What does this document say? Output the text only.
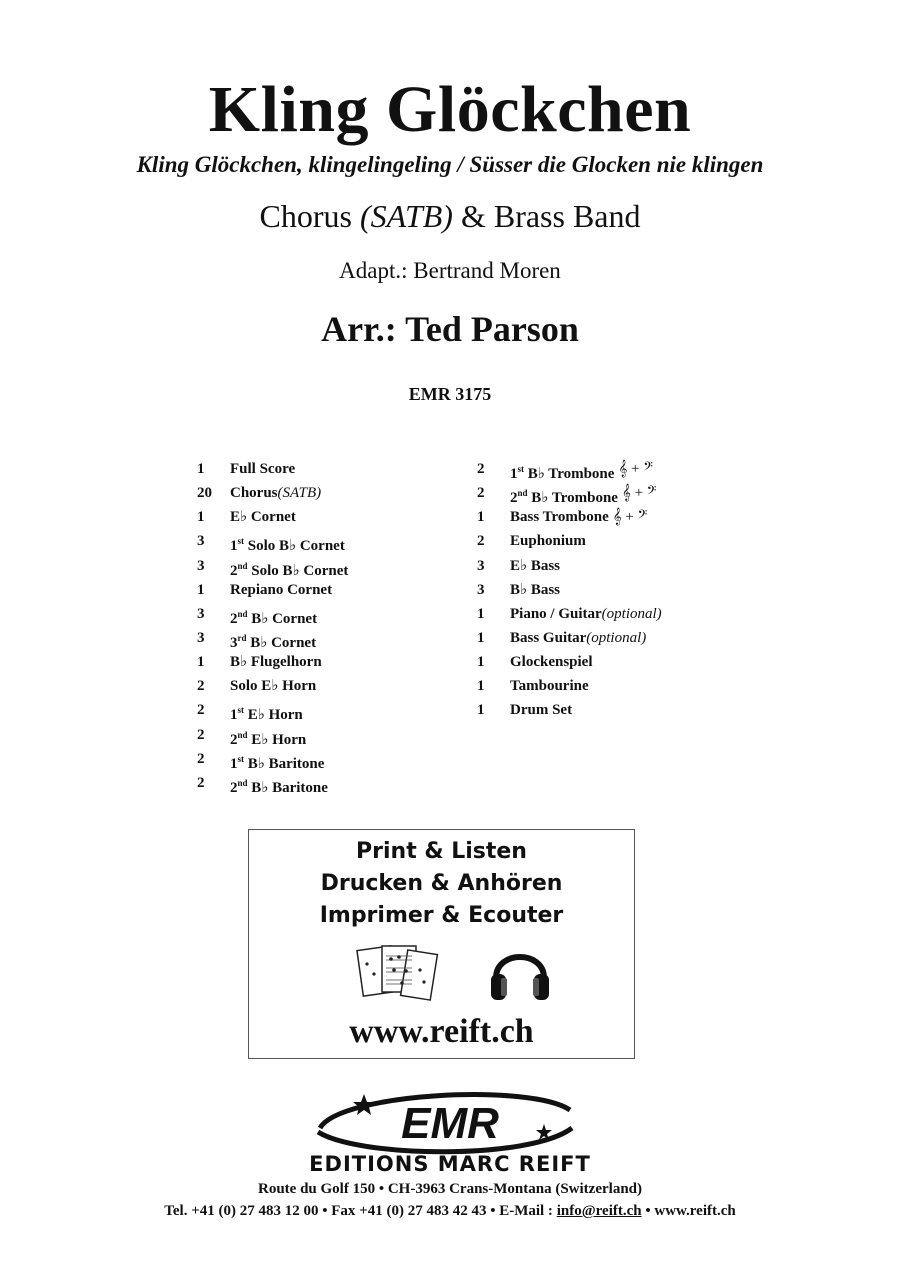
Kling Glöckchen
Kling Glöckchen, klingelingeling / Süsser die Glocken nie klingen
Chorus (SATB) & Brass Band
Adapt.: Bertrand Moren
Arr.: Ted Parson
EMR 3175
1	Full Score
20	Chorus (SATB)
1	E♭ Cornet
3	1st Solo B♭ Cornet
3	2nd Solo B♭ Cornet
1	Repiano Cornet
3	2nd B♭ Cornet
3	3rd B♭ Cornet
1	B♭ Flugelhorn
2	Solo E♭ Horn
2	1st E♭ Horn
2	2nd E♭ Horn
2	1st B♭ Baritone
2	2nd B♭ Baritone
2	1st B♭ Trombone 𝄞 + 𝄢
2	2nd B♭ Trombone 𝄞 + 𝄢
1	Bass Trombone 𝄞 + 𝄢
2	Euphonium
3	E♭ Bass
3	B♭ Bass
1	Piano / Guitar (optional)
1	Bass Guitar (optional)
1	Glockenspiel
1	Tambourine
1	Drum Set
Print & Listen
Drucken & Anhören
Imprimer & Ecouter
www.reift.ch
EMR
EDITIONS MARC REIFT
Route du Golf 150 • CH-3963 Crans-Montana (Switzerland)
Tel. +41 (0) 27 483 12 00 • Fax +41 (0) 27 483 42 43 • E-Mail : info@reift.ch • www.reift.ch
